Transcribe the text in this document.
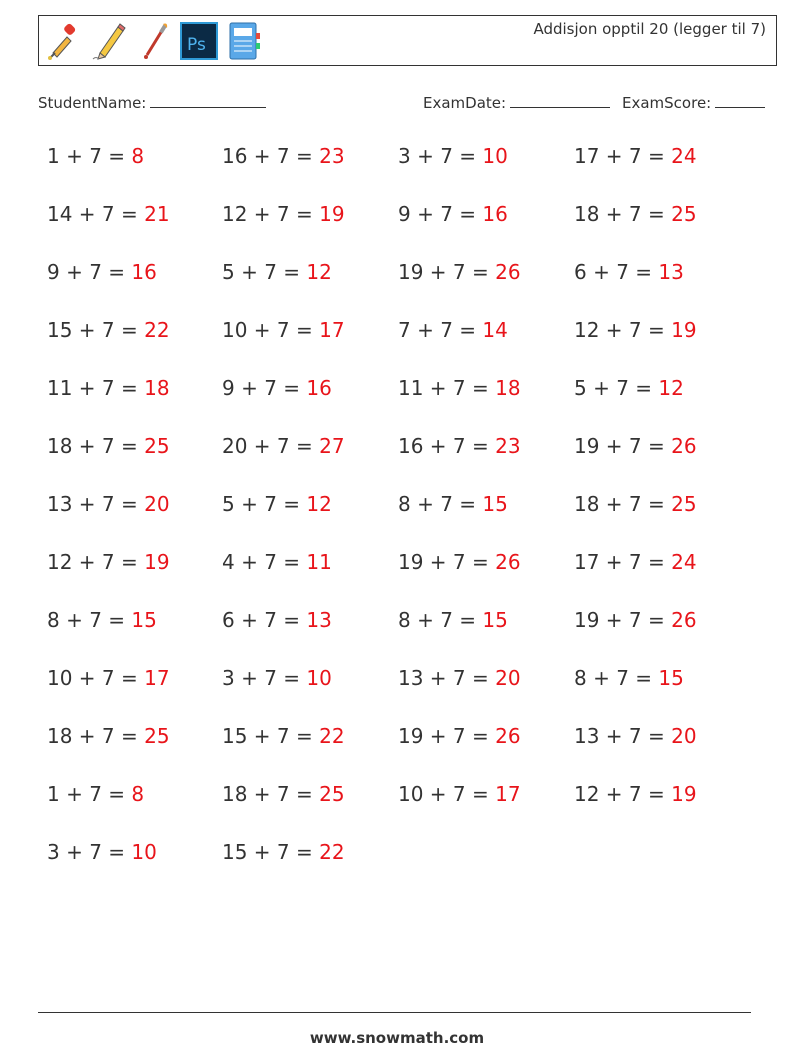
Ps
Addisjon opptil 20 (legger til 7)
StudentName:	ExamDate:	ExamScore:
1 + 7 = 8	16 + 7 = 23	3 + 7 = 10	17 + 7 = 24
14 + 7 = 21	12 + 7 = 19	9 + 7 = 16	18 + 7 = 25
9 + 7 = 16	5 + 7 = 12	19 + 7 = 26	6 + 7 = 13
15 + 7 = 22	10 + 7 = 17	7 + 7 = 14	12 + 7 = 19
11 + 7 = 18	9 + 7 = 16	11 + 7 = 18	5 + 7 = 12
18 + 7 = 25	20 + 7 = 27	16 + 7 = 23	19 + 7 = 26
13 + 7 = 20	5 + 7 = 12	8 + 7 = 15	18 + 7 = 25
12 + 7 = 19	4 + 7 = 11	19 + 7 = 26	17 + 7 = 24
8 + 7 = 15	6 + 7 = 13	8 + 7 = 15	19 + 7 = 26
10 + 7 = 17	3 + 7 = 10	13 + 7 = 20	8 + 7 = 15
18 + 7 = 25	15 + 7 = 22	19 + 7 = 26	13 + 7 = 20
1 + 7 = 8	18 + 7 = 25	10 + 7 = 17	12 + 7 = 19
3 + 7 = 10	15 + 7 = 22
www.snowmath.com
